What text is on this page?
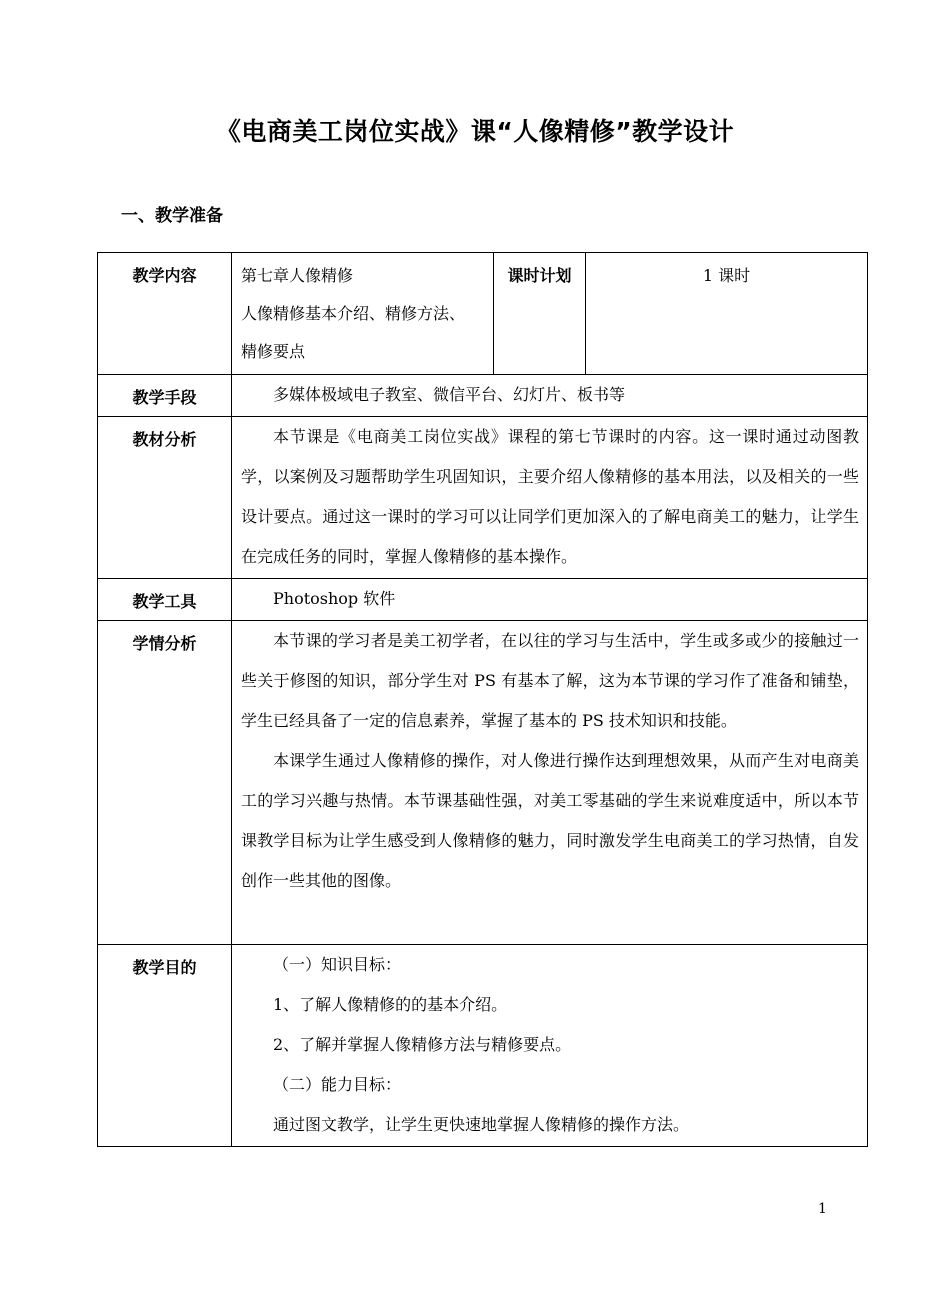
《电商美工岗位实战》课“人像精修”教学设计
一、教学准备
教学内容	第七章人像精修

人像精修基本介绍、精修方法、

精修要点	课时计划	1 课时
教学手段	多媒体极域电子教室、微信平台、幻灯片、板书等		
教材分析	本节课是《电商美工岗位实战》课程的第七节课时的内容。这一课时通过动图教学，以案例及习题帮助学生巩固知识，主要介绍人像精修的基本用法，以及相关的一些设计要点。通过这一课时的学习可以让同学们更加深入的了解电商美工的魅力，让学生在完成任务的同时，掌握人像精修的基本操作。		
教学工具	Photoshop 软件		
学情分析	本节课的学习者是美工初学者，在以往的学习与生活中，学生或多或少的接触过一些关于修图的知识，部分学生对 PS 有基本了解，这为本节课的学习作了准备和铺垫，学生已经具备了一定的信息素养，掌握了基本的 PS 技术知识和技能。

本课学生通过人像精修的操作，对人像进行操作达到理想效果，从而产生对电商美工的学习兴趣与热情。本节课基础性强，对美工零基础的学生来说难度适中，所以本节课教学目标为让学生感受到人像精修的魅力，同时激发学生电商美工的学习热情，自发创作一些其他的图像。		

教学目的	（一）知识目标：

1、了解人像精修的的基本介绍。

2、了解并掌握人像精修方法与精修要点。

（二）能力目标：

通过图文教学，让学生更快速地掌握人像精修的操作方法。		

1
